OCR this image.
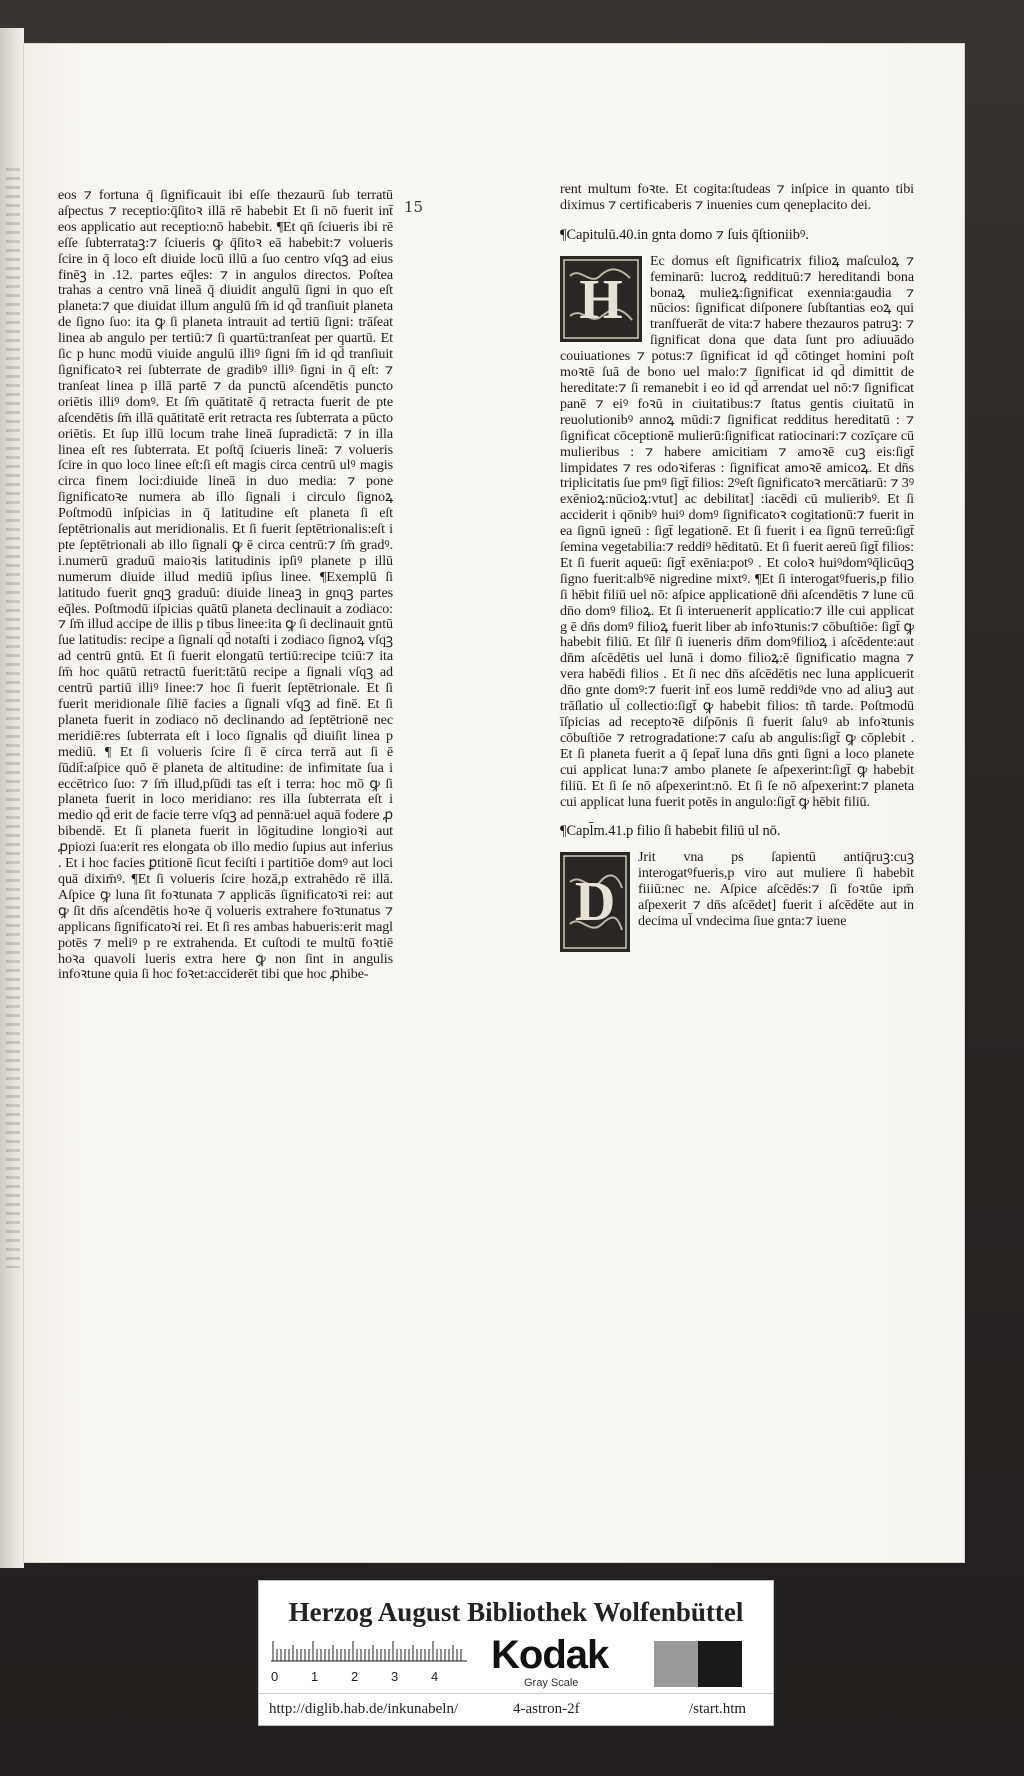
15

eos ⁊ fortuna q̄ ſignificauit ibi eſſe thezaurū ſub terratū aſpectus ⁊ receptio:q̄ſitoꝛ illā rē habebit Et ſi nō fuerit int̄ eos applicatio aut receptio:nō habebit. ¶Et qn̄ ſciueris ibi rē eſſe ſubterrataꝫ:⁊ ſciueris ꝙ q̄ſitoꝛ eā habebit:⁊ volueris ſcire in q̄ loco eſt diuide locū illū a ſuo centro vſqꝫ ad eius finēꝫ in .12. partes eq̄les: ⁊ in angulos directos. Poſtea trahas a centro vnā lineā q̄ diuidit angulū ſigni in quo eſt planeta:⁊ que diuidat illum angulū ſm̄ id qd̄ tranſiuit planeta de ſigno ſuo: ita ꝙ ſi planeta intrauit ad tertiū ſigni: trāſeat linea ab angulo per tertiū:⁊ ſi quartū:tranſeat per quartū. Et ſic p hunc modū viuide angulū illiꝰ ſigni ſm̄ id qd̄ tranſiuit ſignificatoꝛ rei ſubterrate de gradibꝰ illiꝰ ſigni in q̄ eſt: ⁊ tranſeat linea p illā partē ⁊ da punctū aſcendētis puncto oriētis illiꝰ domꝰ. Et ſm̄ quātitatē q̄ retracta fuerit de pte aſcendētis ſm̄ illā quātitatē erit retracta res ſubterrata a pūcto oriētis. Et ſup illū locum trahe lineā ſupradictā: ⁊ in illa linea eſt res ſubterrata. Et poſtq̄ ſciueris lineā: ⁊ volueris ſcire in quo loco linee eſt:ſi eſt magis circa centrū ulꝰ magis circa finem loci:diuide lineā in duo media: ⁊ pone ſignificatoꝛe numera ab illo ſignali i circulo ſignoꝝ Poſtmodū inſpicias in q̄ latitudine eſt planeta ſi eſt ſeptētrionalis aut meridionalis. Et ſi fuerit ſeptētrionalis:eſt i pte ſeptētrionali ab illo ſignali ꝙ ē circa centrū:⁊ ſm̄ gradꝰ. i.numerū graduū maioꝛis latitudinis ipſiꝰ planete p illū numerum diuide illud mediū ipſius linee. ¶Exemplū ſi latitudo fuerit gnqꝫ graduū: diuide lineaꝫ in gnqꝫ partes eq̄les. Poſtmodū iſpicias quātū planeta declinauit a zodiaco: ⁊ ſm̄ illud accipe de illis p tibus linee:ita ꝙ ſi declinauit gntū ſue latitudis: recipe a ſignali qd̄ notaſti i zodiaco ſignoꝝ vſqꝫ ad centrū gntū. Et ſi fuerit elongatū tertiū:recipe tciū:⁊ ita ſm̄ hoc quātū retractū fuerit:tātū recipe a ſignali vſqꝫ ad centrū partiū illiꝰ linee:⁊ hoc ſi fuerit ſeptētrionale. Et ſi fuerit meridionale ſiliē facies a ſignali vſqꝫ ad finē. Et ſi planeta fuerit in zodiaco nō declinando ad ſeptētrionē nec meridiē:res ſubterrata eſt i loco ſignalis qd̄ diuiſit linea p mediū. ¶ Et ſi volueris ſcire ſi ē circa terrā aut ſi ē ſūdit̄:aſpice quō ē planeta de altitudine: de infimitate ſua i eccētrico ſuo: ⁊ ſm̄ illud,pſūdi tas eſt i terra: hoc mō ꝙ ſi planeta fuerit in loco meridiano: res illa ſubterrata eſt i medio qd̄ erit de facie terre vſqꝫ ad pennā:uel aquā fodere ꝓ bibendē. Et ſi planeta fuerit in lōgitudine longioꝛi aut ꝓpiozi ſua:erit res elongata ob illo medio ſupius aut inferius . Et i hoc facies ꝑtitionē ſicut feciſti i partitiōe domꝰ aut loci quā dixim̄ꝰ. ¶Et ſi volueris ſcire hozā,p extrahēdo rē illā. Aſpice ꝙ luna ſit foꝛtunata ⁊ applicās ſignificatoꝛi rei: aut ꝙ ſit dn̄s aſcendētis hoꝛe q̄ volueris extrahere foꝛtunatus ⁊ applicans ſignificatoꝛi rei. Et ſi res ambas habueris:erit magl potēs ⁊ meliꝰ p re extrahenda. Et cuſtodi te multū foꝛtiē hoꝛa quavoli lueris extra here ꝙ non ſint in angulis infoꝛtune quia ſi hoc foꝛet:acciderēt tibi que hoc ꝓhibe-

rent multum foꝛte. Et cogita:ſtudeas ⁊ inſpice in quanto tibi diximus ⁊ certificaberis ⁊ inuenies cum qeneplacito dei.

¶Capitulū.40.in gnta domo ⁊ ſuis q̄ſtioniibꝰ.
H

Ec domus eſt ſignificatrix filioꝝ maſculoꝝ ⁊ feminarū: lucroꝝ reddituū:⁊ hereditandi bona bonaꝝ mulieꝝ:ſignificat exennia:gaudia ⁊ nūcios: ſignificat diſponere ſubſtantias eoꝝ qui tranſfuerāt de vita:⁊ habere thezauros patruꝫ: ⁊ ſignificat dona que data ſunt pro adiuuādo couiuationes ⁊ potus:⁊ ſignificat id qd̄ cōtinget homini poſt moꝛtē ſuā de bono uel malo:⁊ ſignificat id qd̄ dimittit de hereditate:⁊ ſi remanebit i eo id qd̄ arrendat uel nō:⁊ ſignificat panē ⁊ eiꝰ foꝛū in ciuitatibus:⁊ ſtatus gentis ciuitatū in reuolutionibꝰ annoꝝ mūdi:⁊ ſignificat redditus hereditatū : ⁊ ſignificat cōceptionē mulierū:ſignificat ratiocinari:⁊ cozīçare cū mulieribus : ⁊ habere amicitiam ⁊ amoꝛē cuꝫ eis:ſigt̄ limpidates ⁊ res odoꝛiferas : ſignificat amoꝛē amicoꝝ. Et dn̄s triplicitatis ſue pmꝰ ſigt̄ filios: 2ꝰeſt ſignificatoꝛ mercātiarū: ⁊ 3ꝰ exēnioꝝ:nūcioꝝ:vtut] ac debilitat] :iacēdi cū mulieribꝰ. Et ſi acciderit i qōnibꝰ huiꝰ domꝰ ſignificatoꝛ cogitationū:⁊ fuerit in ea ſignū igneū : ſigt̄ legationē. Et ſi fuerit i ea ſignū terreū:ſigt̄ ſemina vegetabilia:⁊ reddiꝰ hēditatū. Et ſi fuerit aereū ſigt̄ filios: Et ſi fuerit aqueū: ſigt̄ exēnia:potꝰ . Et coloꝛ huiꝰdomꝰq̄licūqꝫ ſigno fuerit:albꝰē nigredine mixtꝰ. ¶Et ſi interogatꝰfueris,p filio ſi hēbit filiū uel nō: aſpice applicationē dn̄i aſcendētis ⁊ lune cū dn̄o domꝰ filioꝝ. Et ſi interuenerit applicatio:⁊ ille cui applicat g ē dn̄s domꝰ filioꝝ fuerit liber ab infoꝛtunis:⁊ cōbuſtiōe: ſigt̄ ꝙ habebit filiū. Et ſilr̄ ſi iueneris dn̄m domꝰfilioꝝ i aſcēdente:aut dn̄m aſcēdētis uel lunā i domo filioꝝ:ē ſignificatio magna ⁊ vera habēdi filios . Et ſi nec dn̄s aſcēdētis nec luna applicuerit dn̄o gnte domꝰ:⁊ fuerit int̄ eos lumē reddiꝰde vno ad aliuꝫ aut trāſlatio ul̄ collectio:ſigt̄ ꝙ habebit filios: tñ tarde. Poſtmodū īſpicias ad receptoꝛē diſpōnis ſi fuerit ſaluꝰ ab infoꝛtunis cōbuſtiōe ⁊ retrogradatione:⁊ caſu ab angulis:ſigt̄ ꝙ cōplebit . Et ſi planeta fuerit a q̄ ſepat̄ luna dn̄s gnti ſigni a loco planete cui applicat luna:⁊ ambo planete ſe aſpexerint:ſigt̄ ꝙ habebit filiū. Et ſi ſe nō aſpexerint:nō. Et ſi ſe nō aſpexerint:⁊ planeta cui applicat luna fuerit potēs in angulo:ſigt̄ ꝙ hēbit filiū.

¶Capl̄m.41.p filio ſi habebit filiū ul nō.
D

Jrit vna ps ſapientū antiq̄ruꝫ:cuꝫ interogatꝰfueris,p viro aut muliere ſi habebit fiiiū:nec ne. Aſpice aſcēdēs:⁊ ſi foꝛtūe ipm̄ aſpexerit ⁊ dn̄s aſcēdet] fuerit i aſcēdēte aut in decima ul̄ vndecima ſiue gnta:⁊ iuene

Herzog August Bibliothek Wolfenbüttel
0	1	2	3	4 Kodak
Gray Scale
http://diglib.hab.de/inkunabeln/	4-astron-2f	/start.htm
